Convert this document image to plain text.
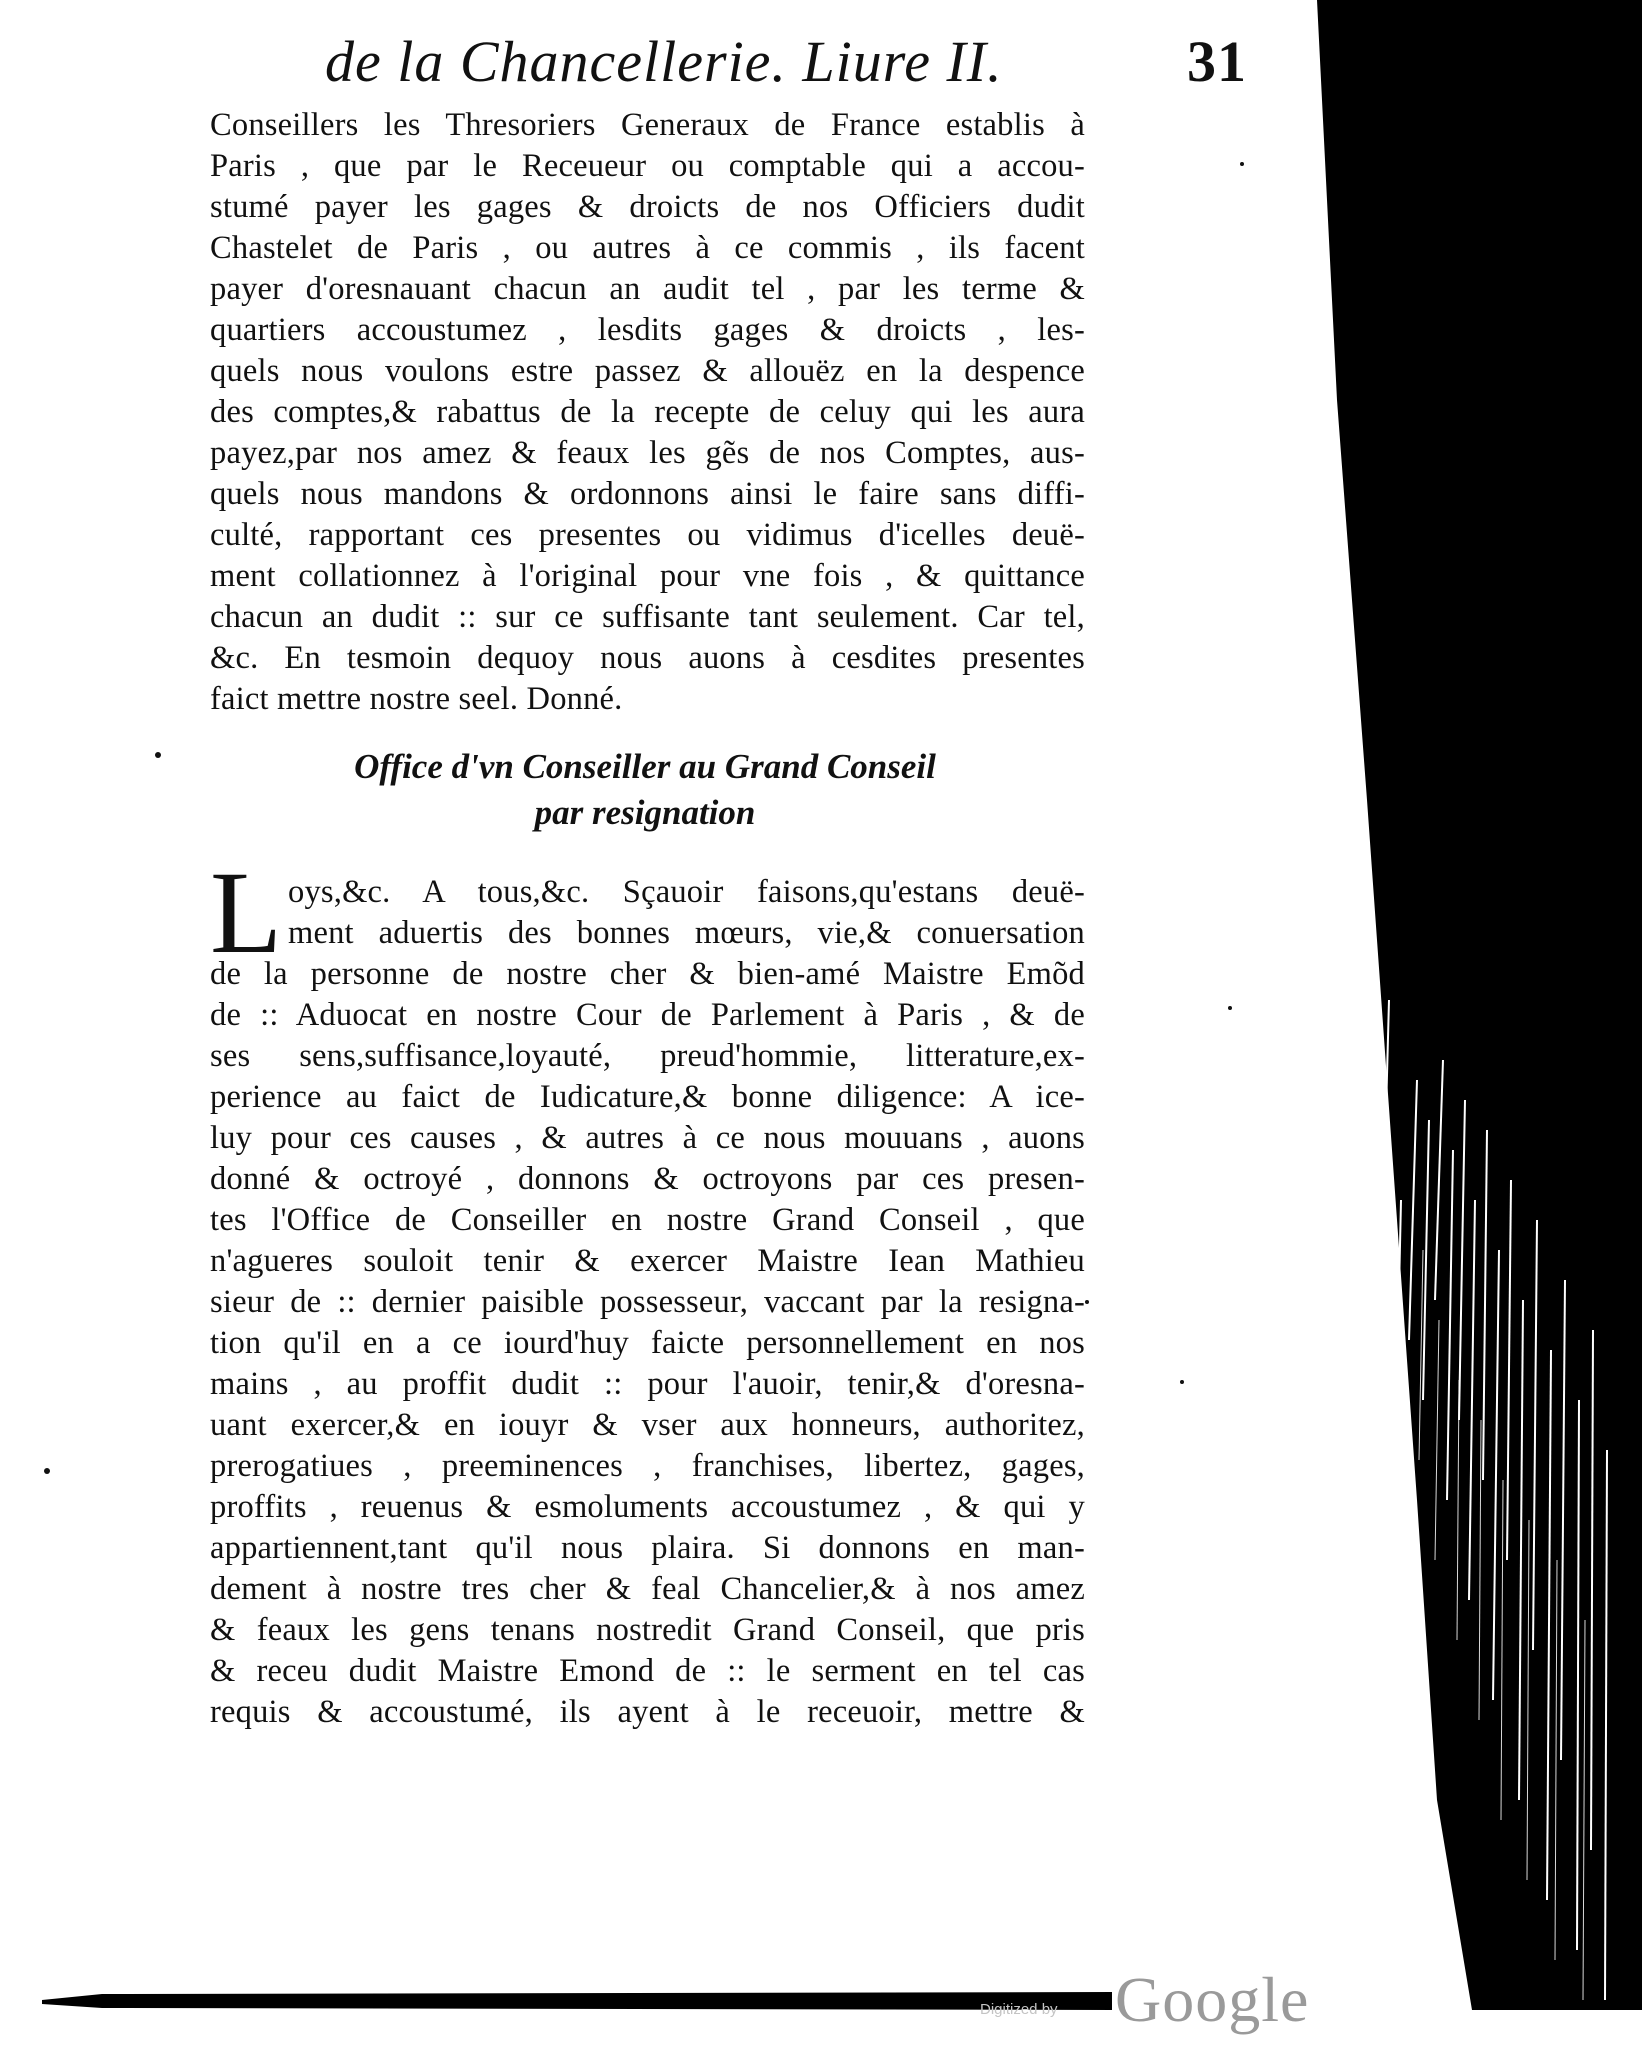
de la Chancellerie. Liure II.	31
Conseillers les Thresoriers Generaux de France establis à
Paris , que par le Receueur ou comptable qui a accou-
stumé payer les gages & droicts de nos Officiers dudit
Chastelet de Paris , ou autres à ce commis , ils facent
payer d'oresnauant chacun an audit tel , par les terme &
quartiers accoustumez , lesdits gages & droicts , les-
quels nous voulons estre passez & allouëz en la despence
des comptes,& rabattus de la recepte de celuy qui les aura
payez,par nos amez & feaux les gẽs de nos Comptes, aus-
quels nous mandons & ordonnons ainsi le faire sans diffi-
culté, rapportant ces presentes ou vidimus d'icelles deuë-
ment collationnez à l'original pour vne fois , & quittance
chacun an dudit :: sur ce suffisante tant seulement. Car tel,
&c. En tesmoin dequoy nous auons à cesdites presentes
faict mettre nostre seel. Donné.
Office d'vn Conseiller au Grand Conseil
par resignation
L oys,&c. A tous,&c. Sçauoir faisons,qu'estans deuë-
ment aduertis des bonnes mœurs, vie,& conuersation
de la personne de nostre cher & bien-amé Maistre Emõd
de :: Aduocat en nostre Cour de Parlement à Paris , & de
ses sens,suffisance,loyauté, preud'hommie, litterature,ex-
perience au faict de Iudicature,& bonne diligence: A ice-
luy pour ces causes , & autres à ce nous mouuans , auons
donné & octroyé , donnons & octroyons par ces presen-
tes l'Office de Conseiller en nostre Grand Conseil , que
n'agueres souloit tenir & exercer Maistre Iean Mathieu
sieur de :: dernier paisible possesseur, vaccant par la resigna-
tion qu'il en a ce iourd'huy faicte personnellement en nos
mains , au proffit dudit :: pour l'auoir, tenir,& d'oresna-
uant exercer,& en iouyr & vser aux honneurs, authoritez,
prerogatiues , preeminences , franchises, libertez, gages,
proffits , reuenus & esmoluments accoustumez , & qui y
appartiennent,tant qu'il nous plaira. Si donnons en man-
dement à nostre tres cher & feal Chancelier,& à nos amez
& feaux les gens tenans nostredit Grand Conseil, que pris
& receu dudit Maistre Emond de :: le serment en tel cas
requis & accoustumé, ils ayent à le receuoir, mettre &
Digitized by Google
